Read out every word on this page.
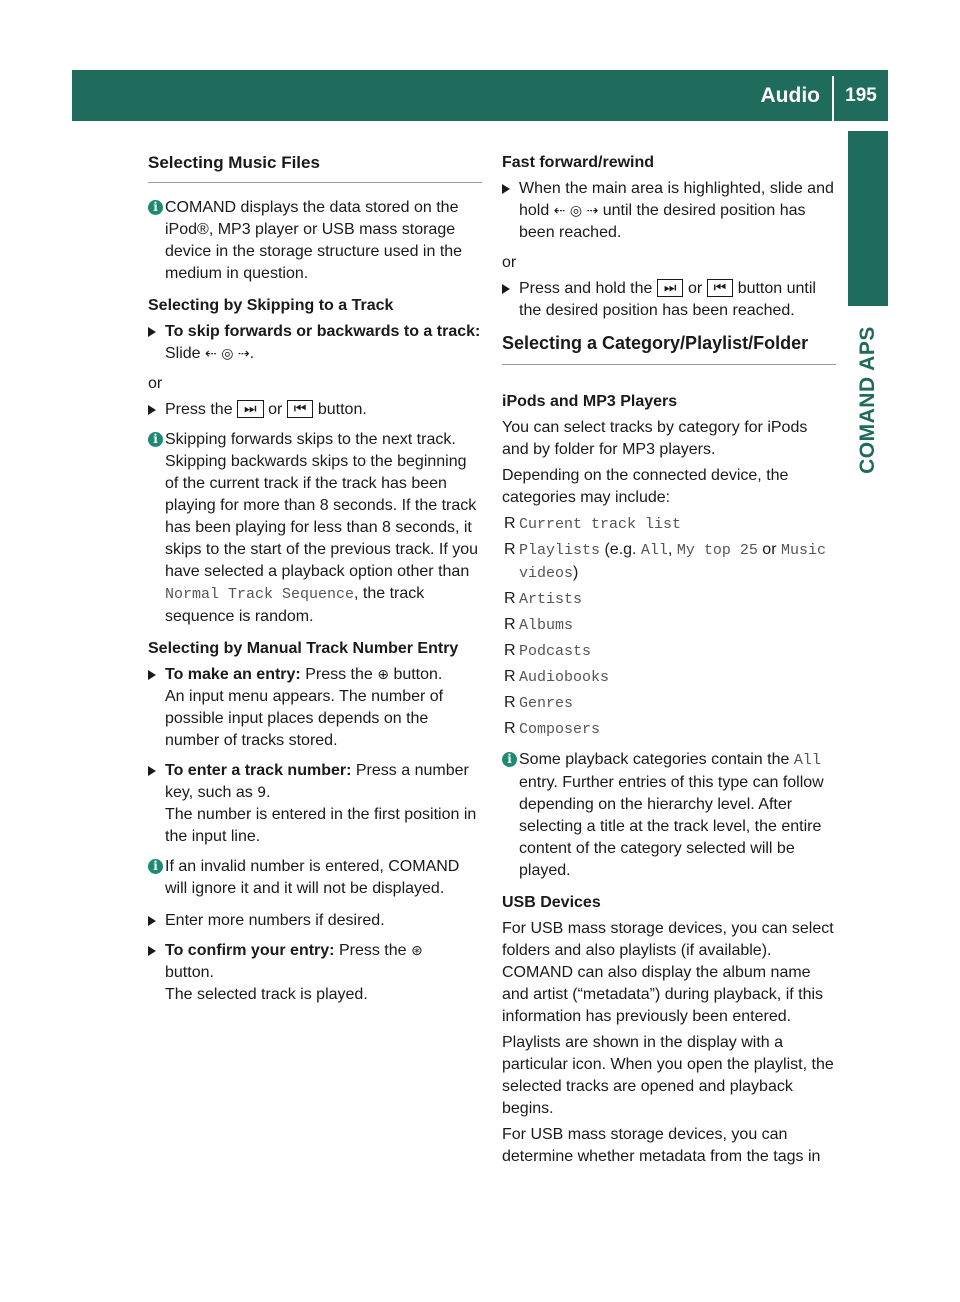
Audio	195
COMAND APS
Selecting Music Files
i COMAND displays the data stored on the iPod®, MP3 player or USB mass storage device in the storage structure used in the medium in question.
Selecting by Skipping to a Track
To skip forwards or backwards to a track: Slide ⇠ ◎ ⇢.

or

Press the ⏭ or ⏮ button.
i Skipping forwards skips to the next track. Skipping backwards skips to the beginning of the current track if the track has been playing for more than 8 seconds. If the track has been playing for less than 8 seconds, it skips to the start of the previous track. If you have selected a playback option other than Normal Track Sequence, the track sequence is random.
Selecting by Manual Track Number Entry
To make an entry: Press the ⊕ button.
An input menu appears. The number of possible input places depends on the number of tracks stored.
To enter a track number: Press a number key, such as 9.
The number is entered in the first position in the input line.
i If an invalid number is entered, COMAND will ignore it and it will not be displayed.
Enter more numbers if desired.
To confirm your entry: Press the ⊛
button.
The selected track is played.
Fast forward/rewind
When the main area is highlighted, slide and hold ⇠ ◎ ⇢ until the desired position has been reached.

or

Press and hold the ⏭ or ⏮ button until the desired position has been reached.
Selecting a Category/Playlist/Folder
iPods and MP3 Players

You can select tracks by category for iPods and by folder for MP3 players.

Depending on the connected device, the categories may include:

R Current track list
R Playlists (e.g. All, My top 25 or Music videos)
R Artists
R Albums
R Podcasts
R Audiobooks
R Genres
R Composers
i Some playback categories contain the All entry. Further entries of this type can follow depending on the hierarchy level. After selecting a title at the track level, the entire content of the category selected will be played.
USB Devices

For USB mass storage devices, you can select folders and also playlists (if available). COMAND can also display the album name and artist (“metadata”) during playback, if this information has previously been entered.

Playlists are shown in the display with a particular icon. When you open the playlist, the selected tracks are opened and playback begins.

For USB mass storage devices, you can determine whether metadata from the tags in
